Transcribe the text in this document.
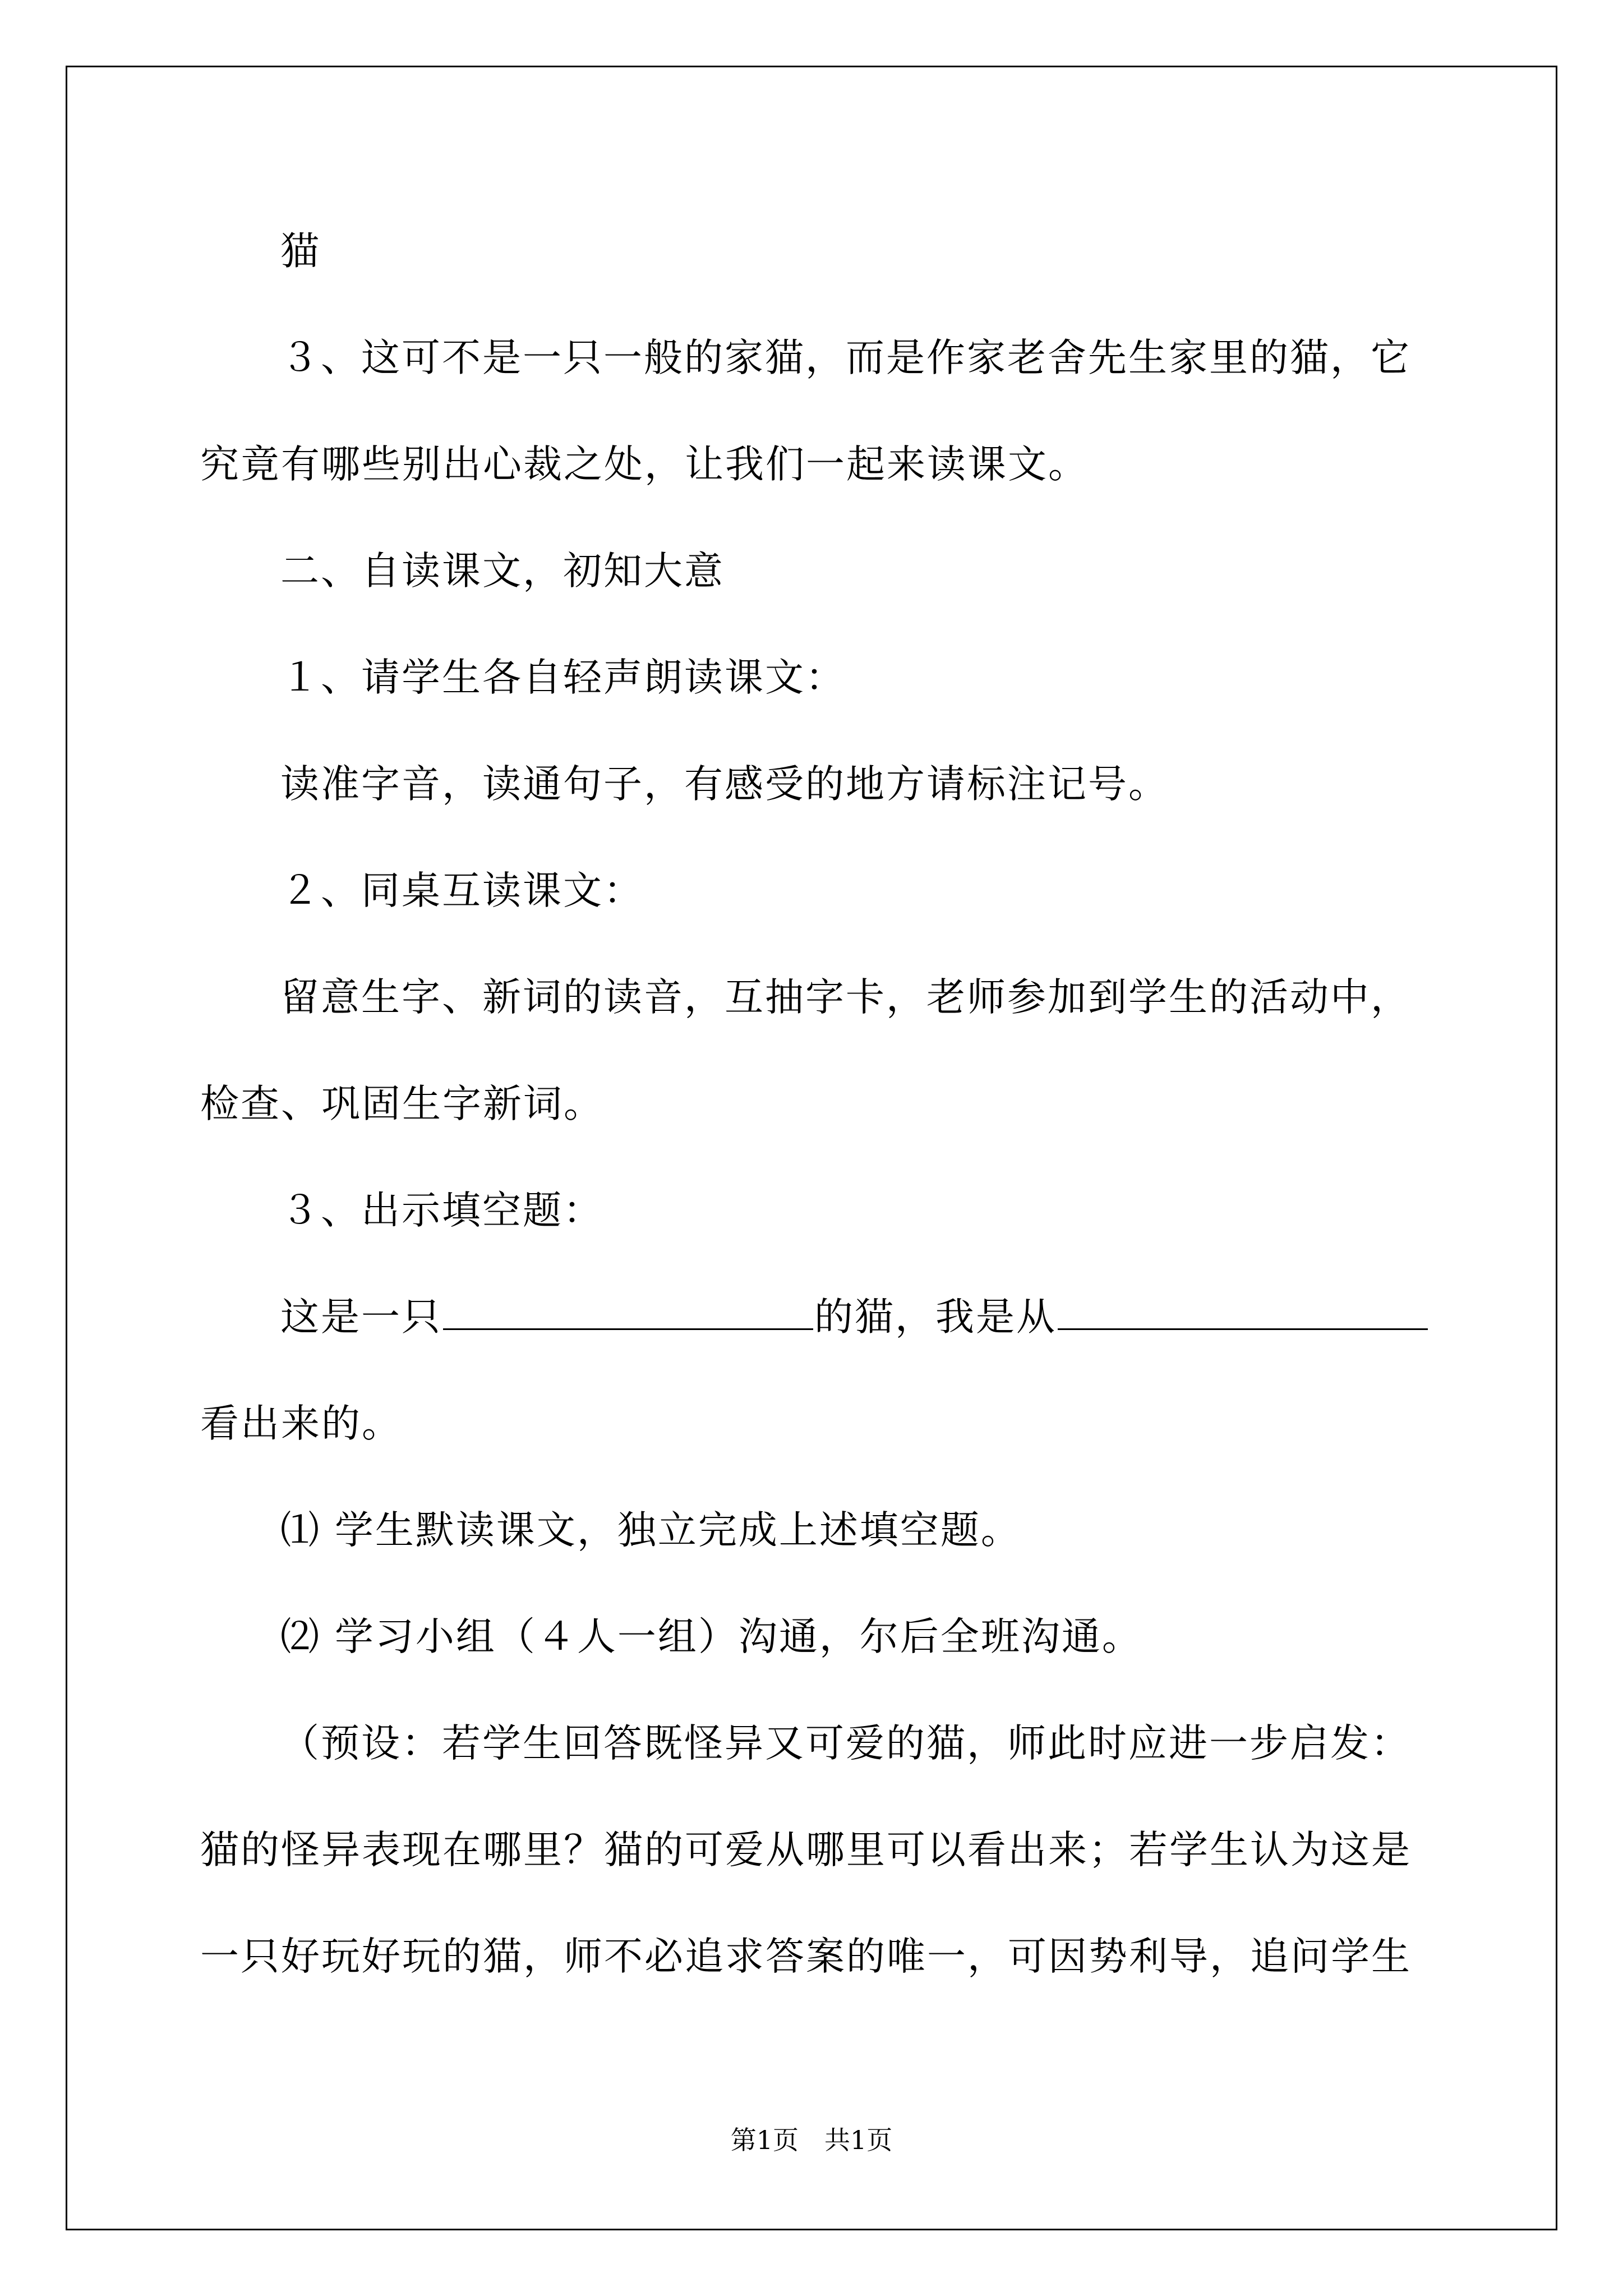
猫
３、这可不是一只一般的家猫，而是作家老舍先生家里的猫，它
究竟有哪些别出心裁之处，让我们一起来读课文。
二、自读课文，初知大意
１、请学生各自轻声朗读课文：
读准字音，读通句子，有感受的地方请标注记号。
２、同桌互读课文：
留意生字、新词的读音，互抽字卡，老师参加到学生的活动中，
检查、巩固生字新词。
３、出示填空题：
这是一只	的猫，我是从
看出来的。
⑴ 学生默读课文，独立完成上述填空题。
⑵ 学习小组（４人一组）沟通，尔后全班沟通。
（预设：若学生回答既怪异又可爱的猫，师此时应进一步启发：
猫的怪异表现在哪里？猫的可爱从哪里可以看出来；若学生认为这是
一只好玩好玩的猫，师不必追求答案的唯一，可因势利导，追问学生
第1页　共1页
